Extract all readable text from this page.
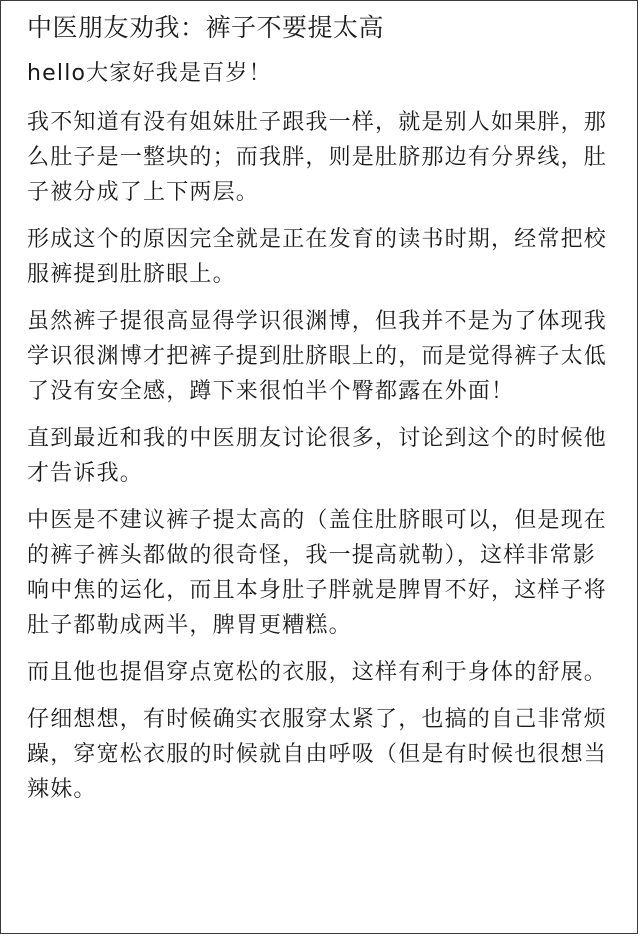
中医朋友劝我：裤子不要提太高

hello大家好我是百岁！

我不知道有没有姐妹肚子跟我一样，就是别人如果胖，那么肚子是一整块的；而我胖，则是肚脐那边有分界线，肚子被分成了上下两层。

形成这个的原因完全就是正在发育的读书时期，经常把校服裤提到肚脐眼上。

虽然裤子提很高显得学识很渊博，但我并不是为了体现我学识很渊博才把裤子提到肚脐眼上的，而是觉得裤子太低了没有安全感，蹲下来很怕半个臀都露在外面！

直到最近和我的中医朋友讨论很多，讨论到这个的时候他才告诉我。

中医是不建议裤子提太高的（盖住肚脐眼可以，但是现在的裤子裤头都做的很奇怪，我一提高就勒），这样非常影响中焦的运化，而且本身肚子胖就是脾胃不好，这样子将肚子都勒成两半，脾胃更糟糕。

而且他也提倡穿点宽松的衣服，这样有利于身体的舒展。

仔细想想，有时候确实衣服穿太紧了，也搞的自己非常烦躁，穿宽松衣服的时候就自由呼吸（但是有时候也很想当辣妹。
